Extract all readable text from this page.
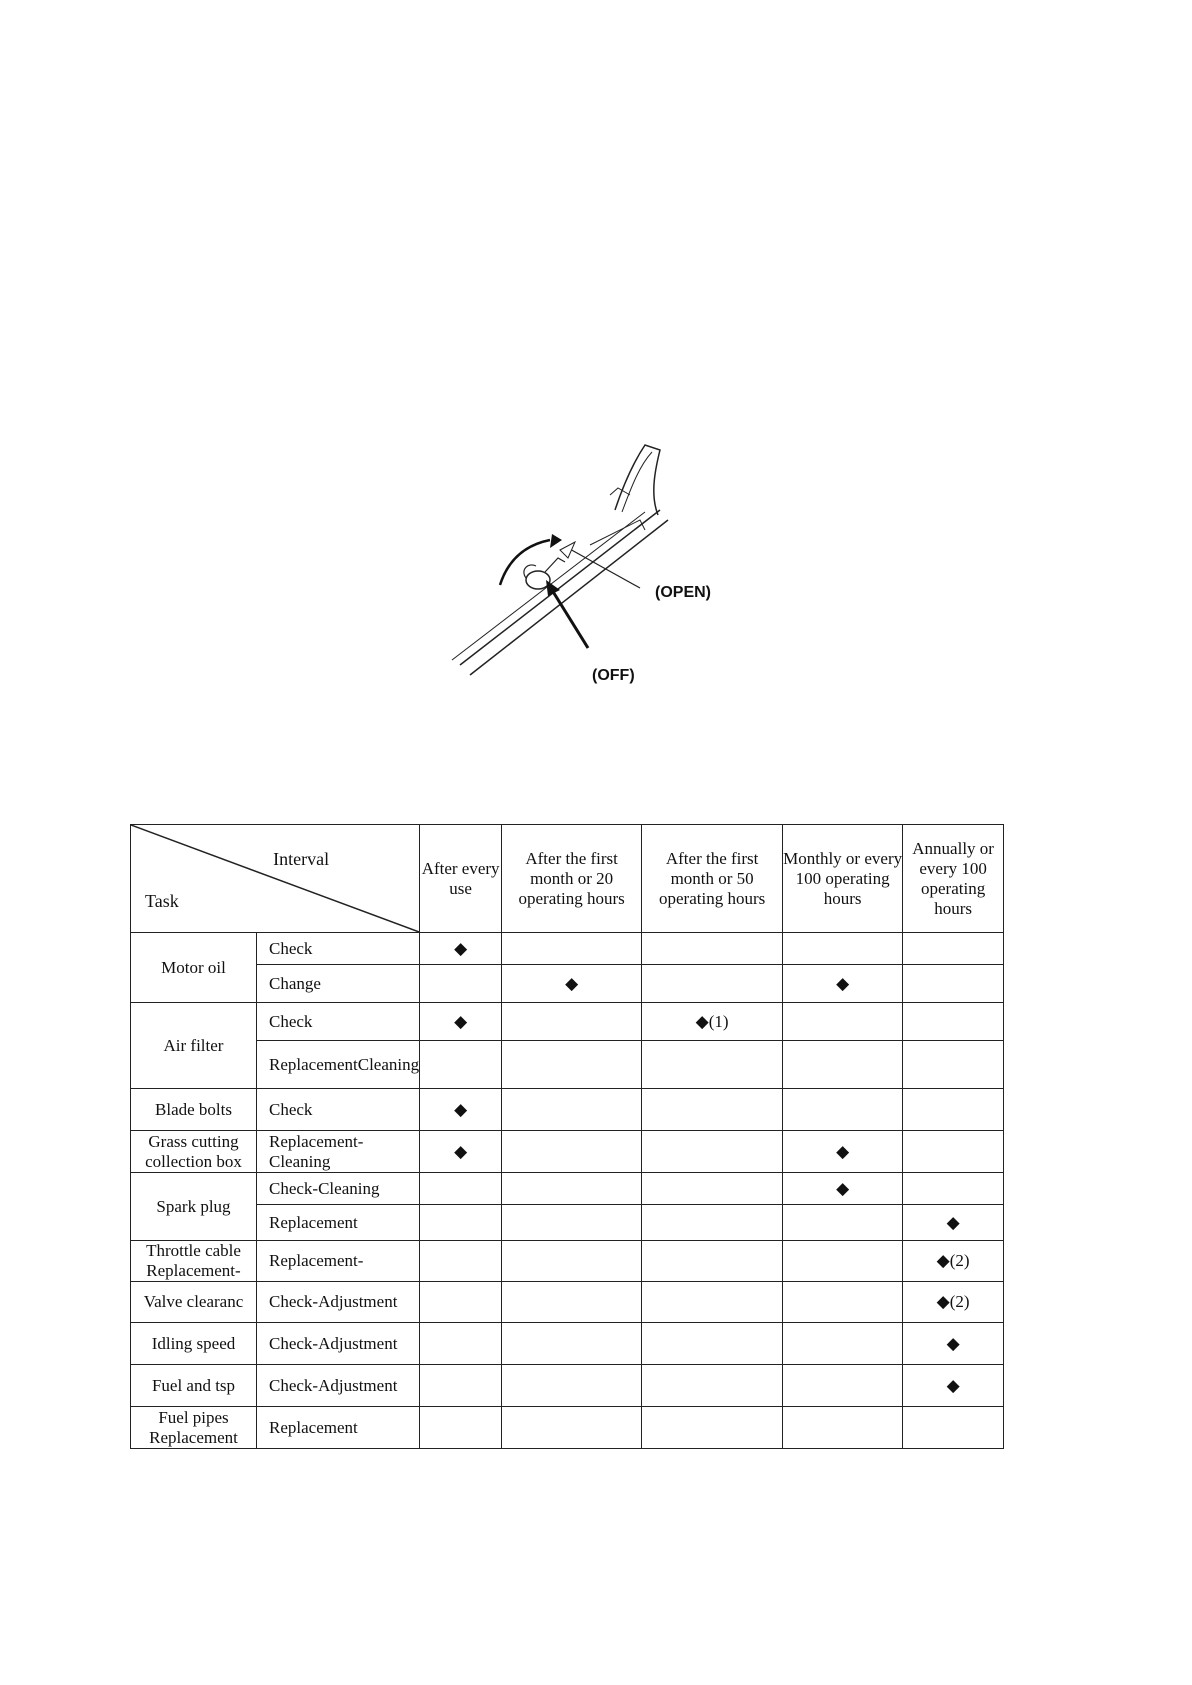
(OPEN)
(OFF)
Interval
Task		After every use	After the first month or 20 operating hours	After the first month or 50 operating hours	Monthly or every 100 operating hours	Annually or every 100 operating hours
Motor oil	Check	◆				
	Change		◆		◆	
Air filter	Check	◆		◆(1)		
	ReplacementCleaning					
Blade bolts	Check	◆				
Grass cutting collection box	Replacement-Cleaning	◆			◆	
Spark plug	Check-Cleaning				◆	
	Replacement					◆
Throttle cable Replacement-	Replacement-					◆(2)
Valve clearanc	Check-Adjustment					◆(2)
Idling speed	Check-Adjustment					◆
Fuel and tsp	Check-Adjustment					◆
Fuel pipes Replacement	Replacement					
